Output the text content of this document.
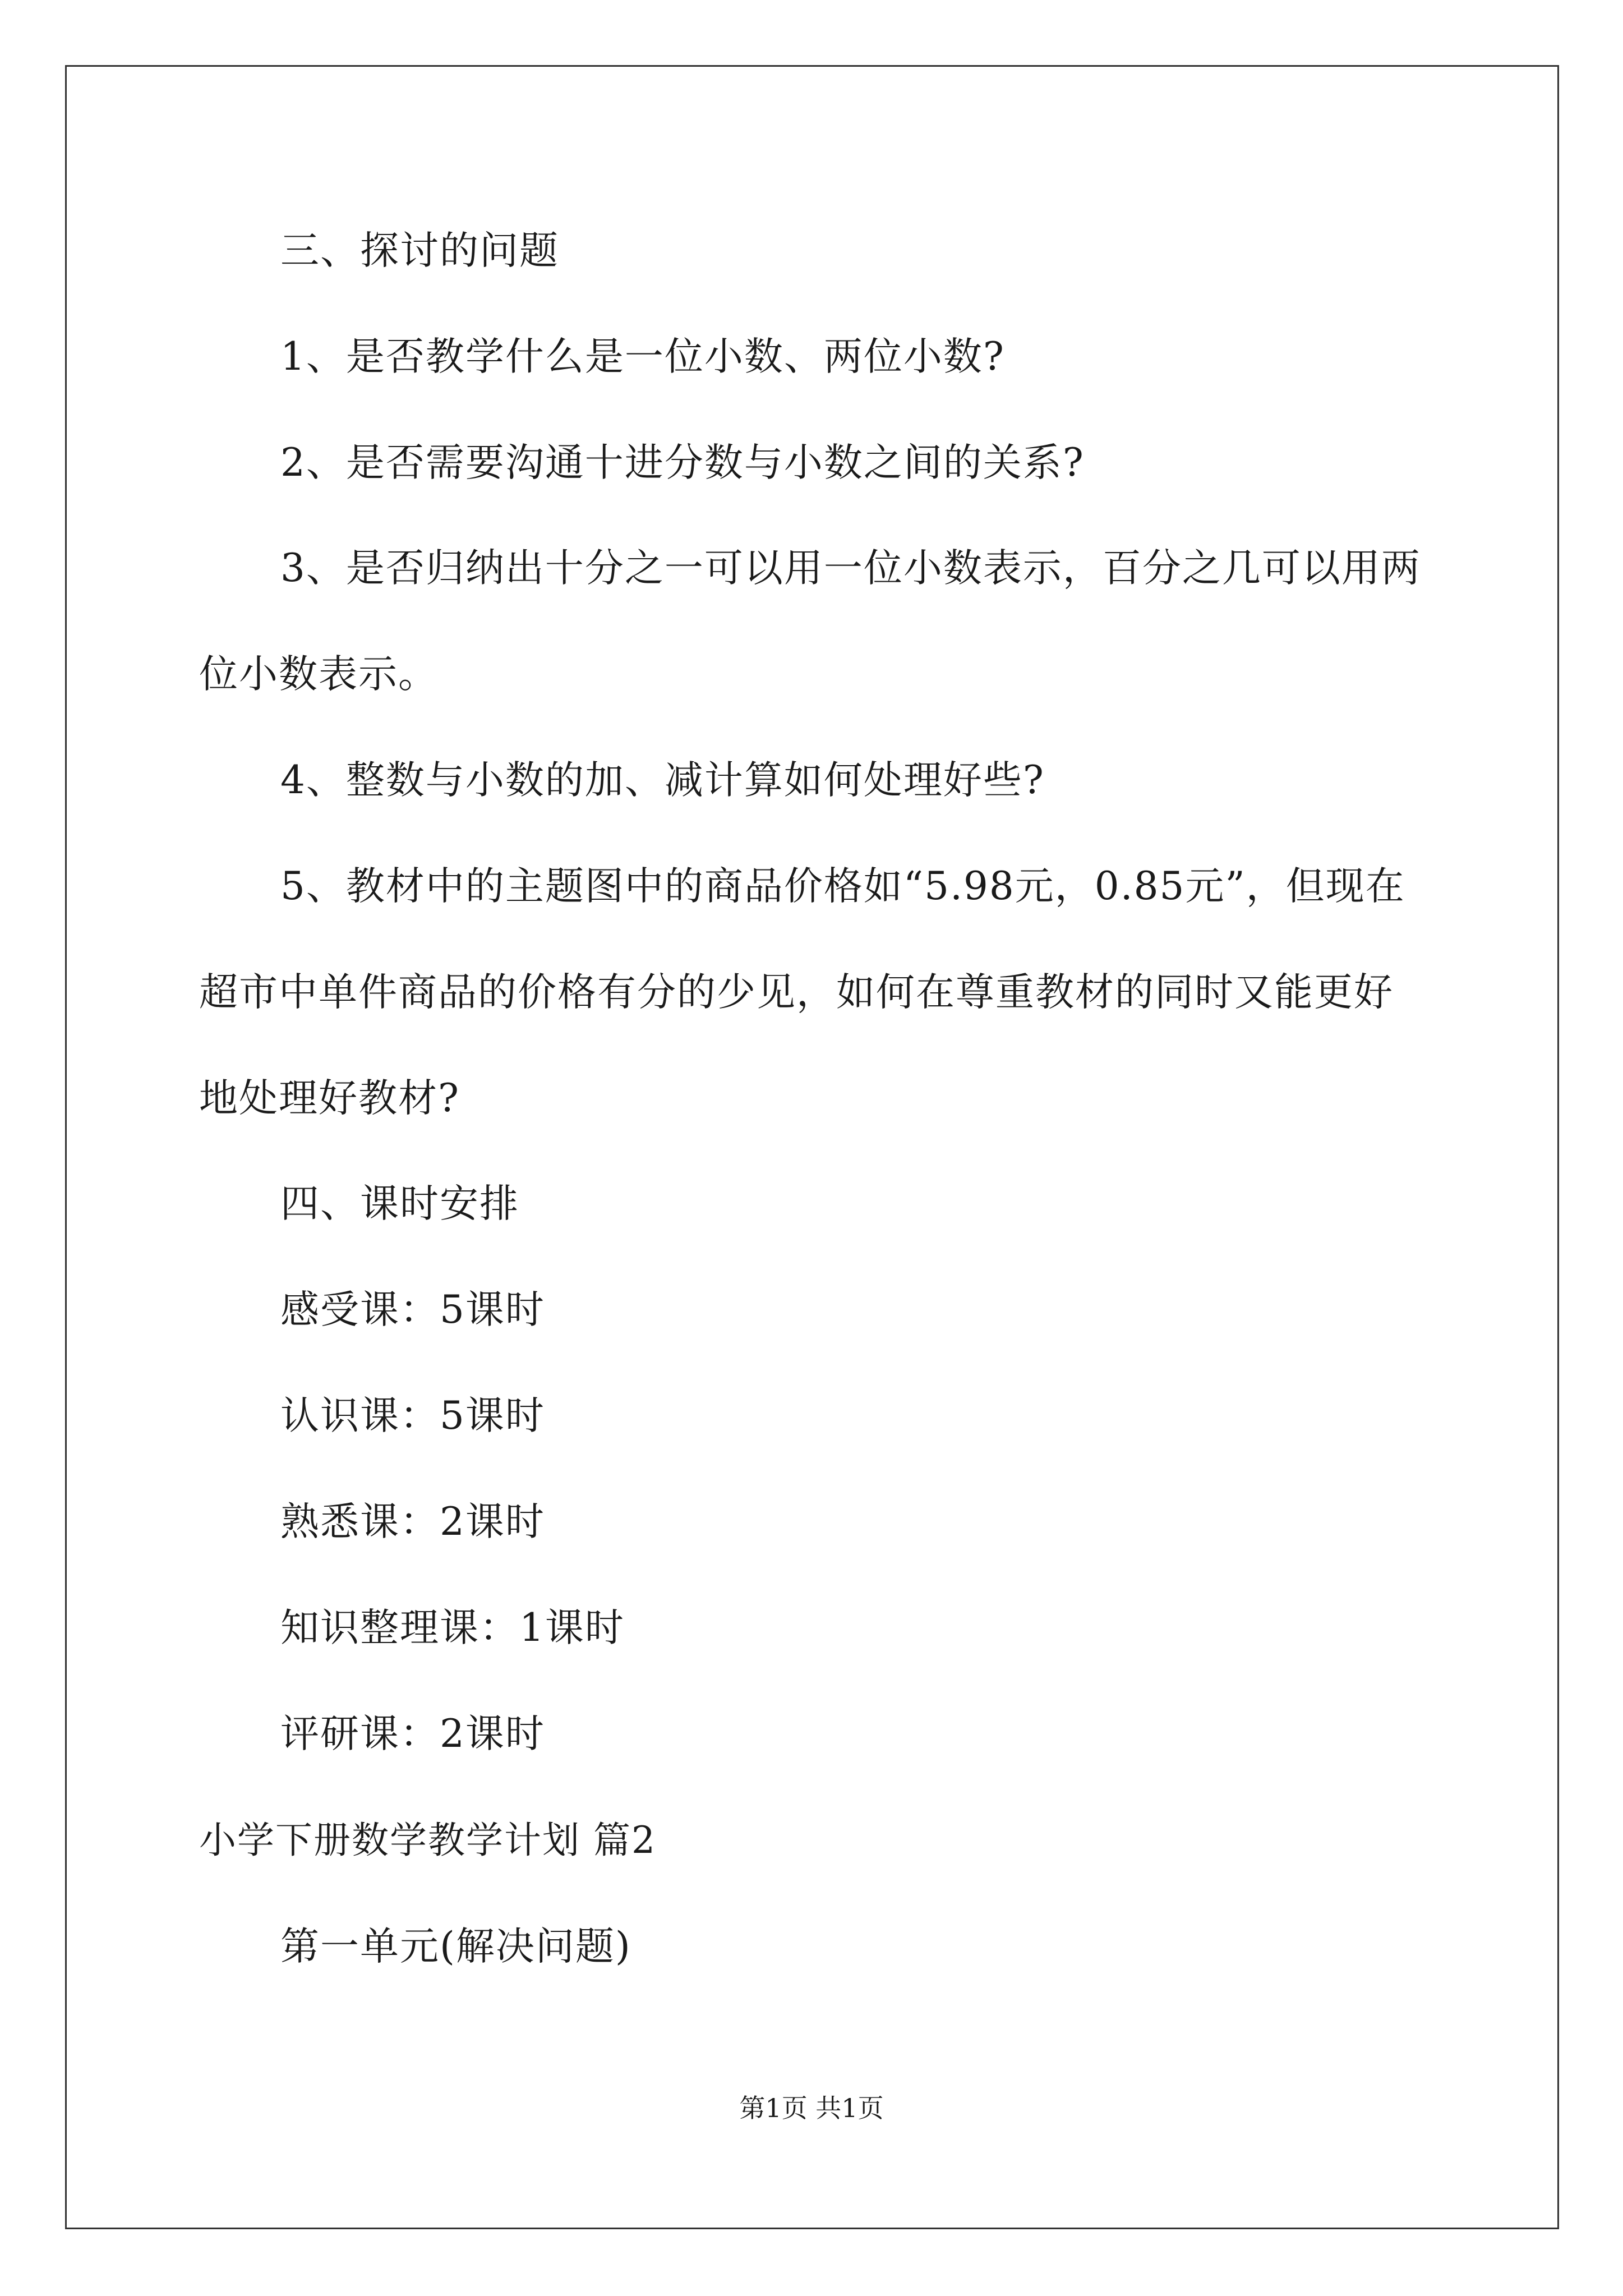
三、探讨的问题
1、是否教学什么是一位小数、两位小数?
2、是否需要沟通十进分数与小数之间的关系?
3、是否归纳出十分之一可以用一位小数表示，百分之几可以用两
位小数表示。
4、整数与小数的加、减计算如何处理好些?
5、教材中的主题图中的商品价格如“5.98元，0.85元”，但现在
超市中单件商品的价格有分的少见，如何在尊重教材的同时又能更好
地处理好教材?
四、课时安排
感受课：5课时
认识课：5课时
熟悉课：2课时
知识整理课：1课时
评研课：2课时
小学下册数学教学计划 篇2
第一单元(解决问题)
第1页 共1页
